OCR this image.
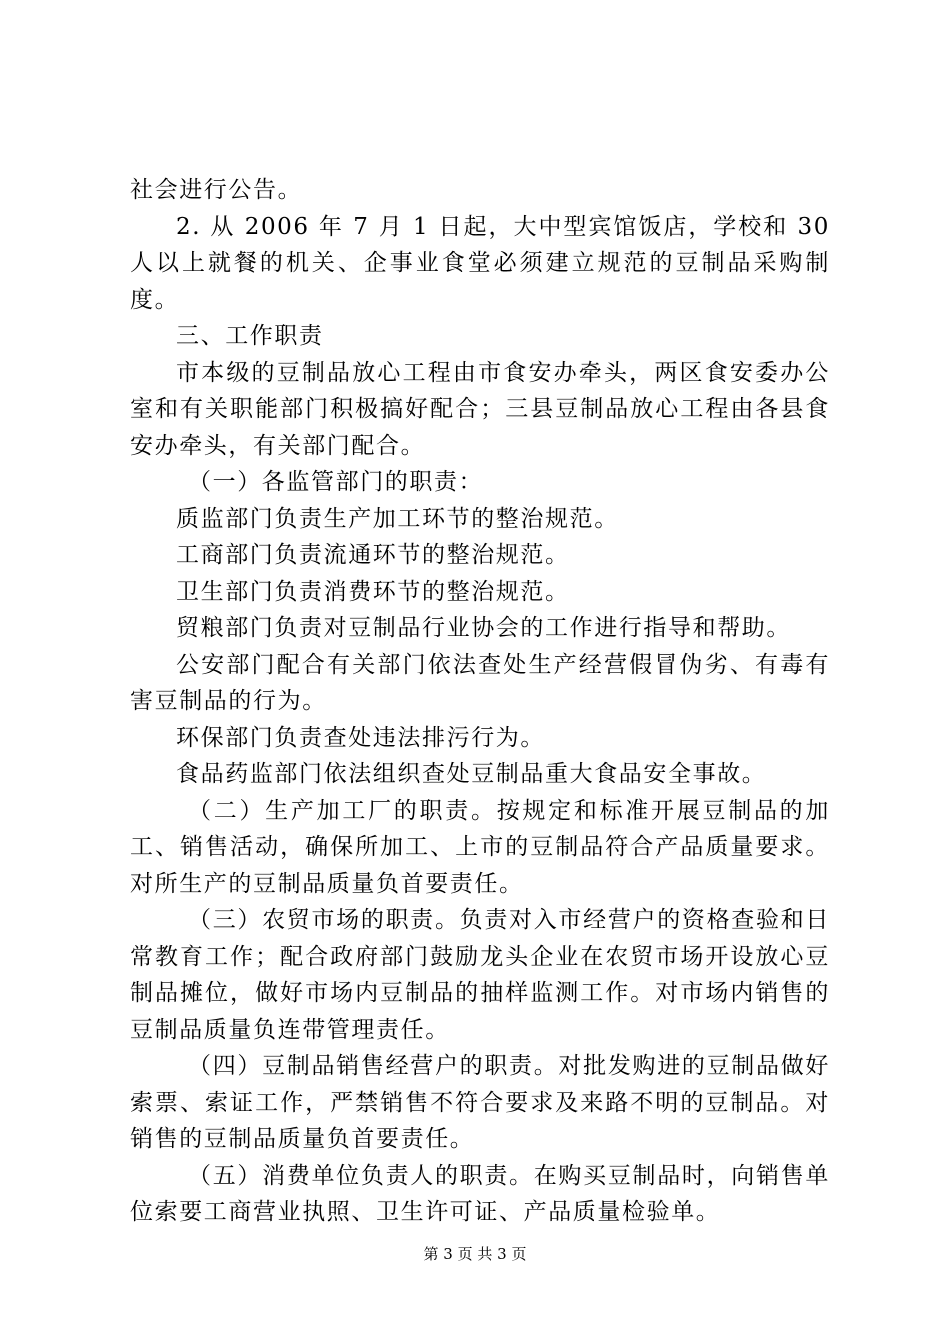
社会进行公告。

2. 从 2006 年 7 月 1 日起，大中型宾馆饭店，学校和 30 人以上就餐的机关、企事业食堂必须建立规范的豆制品采购制度。

三、工作职责

市本级的豆制品放心工程由市食安办牵头，两区食安委办公室和有关职能部门积极搞好配合；三县豆制品放心工程由各县食安办牵头，有关部门配合。

（一）各监管部门的职责：

质监部门负责生产加工环节的整治规范。

工商部门负责流通环节的整治规范。

卫生部门负责消费环节的整治规范。

贸粮部门负责对豆制品行业协会的工作进行指导和帮助。

公安部门配合有关部门依法查处生产经营假冒伪劣、有毒有害豆制品的行为。

环保部门负责查处违法排污行为。

食品药监部门依法组织查处豆制品重大食品安全事故。

（二）生产加工厂的职责。按规定和标准开展豆制品的加工、销售活动，确保所加工、上市的豆制品符合产品质量要求。对所生产的豆制品质量负首要责任。

（三）农贸市场的职责。负责对入市经营户的资格查验和日常教育工作；配合政府部门鼓励龙头企业在农贸市场开设放心豆制品摊位，做好市场内豆制品的抽样监测工作。对市场内销售的豆制品质量负连带管理责任。

（四）豆制品销售经营户的职责。对批发购进的豆制品做好索票、索证工作，严禁销售不符合要求及来路不明的豆制品。对销售的豆制品质量负首要责任。

（五）消费单位负责人的职责。在购买豆制品时，向销售单位索要工商营业执照、卫生许可证、产品质量检验单。

第 3 页 共 3 页
